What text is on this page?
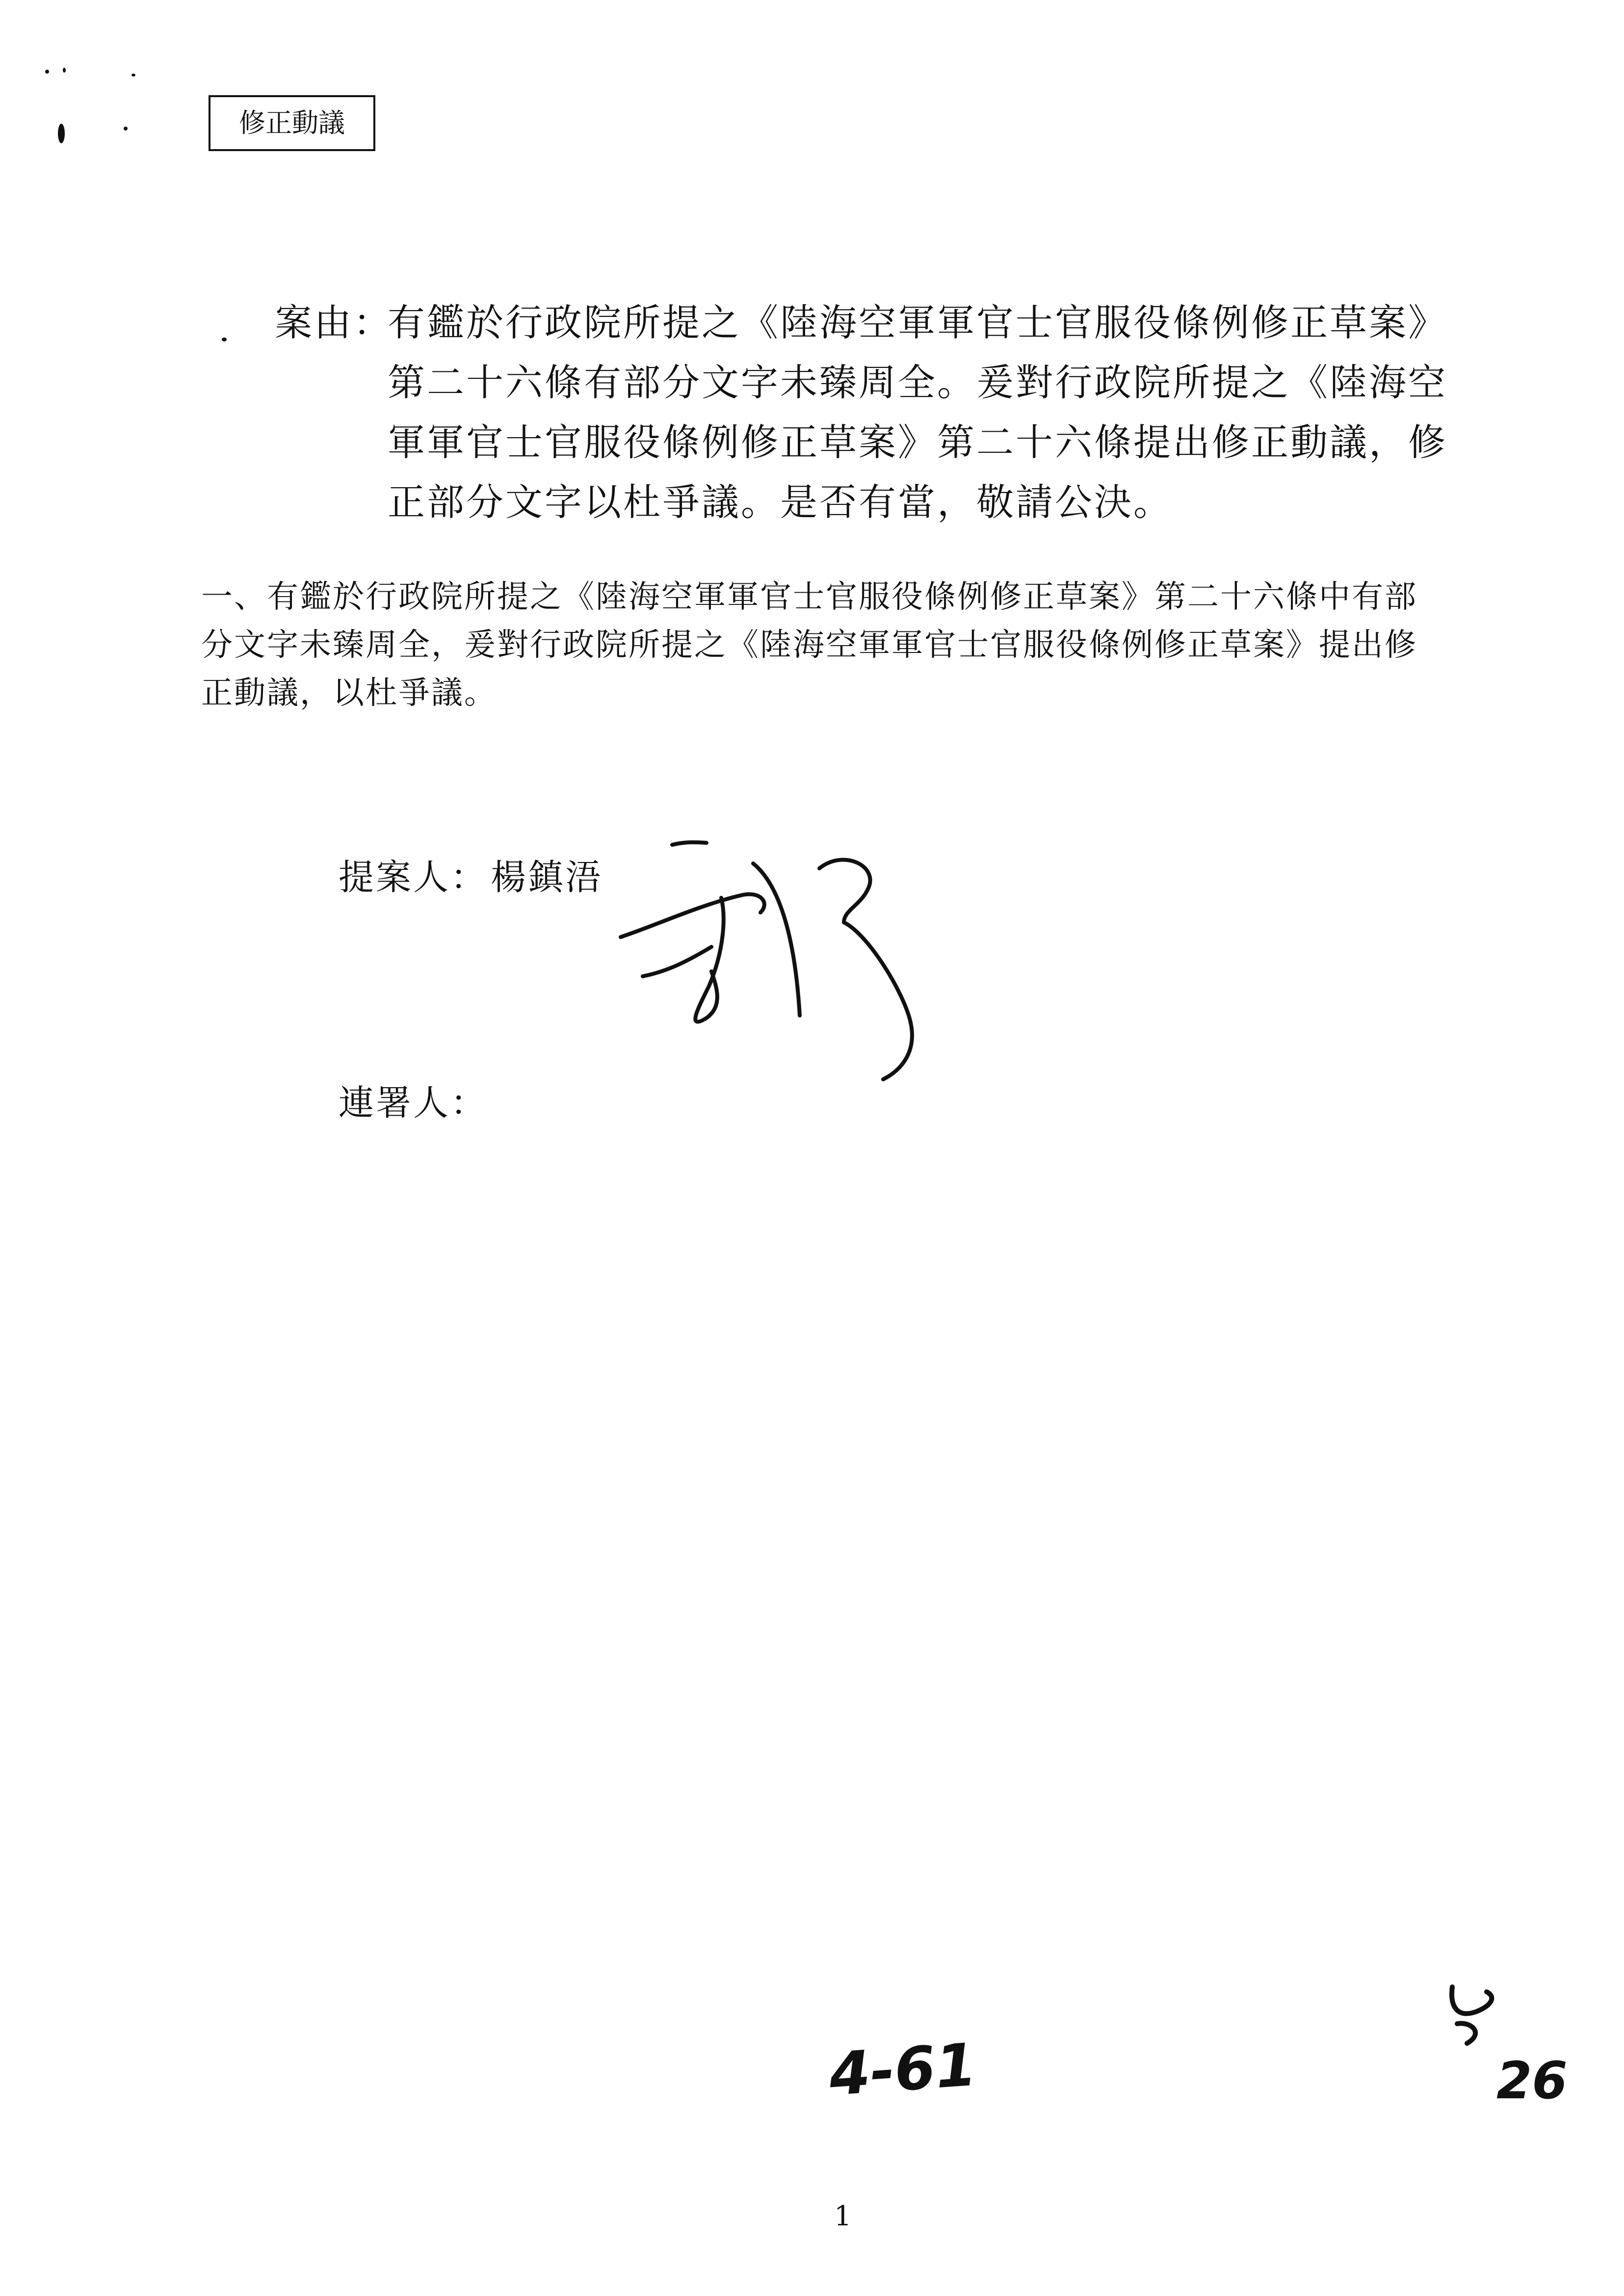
修正動議
案由：
有鑑於行政院所提之《陸海空軍軍官士官服役條例修正草案》
第二十六條有部分文字未臻周全。爰對行政院所提之《陸海空
軍軍官士官服役條例修正草案》第二十六條提出修正動議，修
正部分文字以杜爭議。是否有當，敬請公決。
一、有鑑於行政院所提之《陸海空軍軍官士官服役條例修正草案》第二十六條中有部
分文字未臻周全，爰對行政院所提之《陸海空軍軍官士官服役條例修正草案》提出修
正動議，以杜爭議。
提案人： 楊鎮浯
連署人：
4-61	26
1
